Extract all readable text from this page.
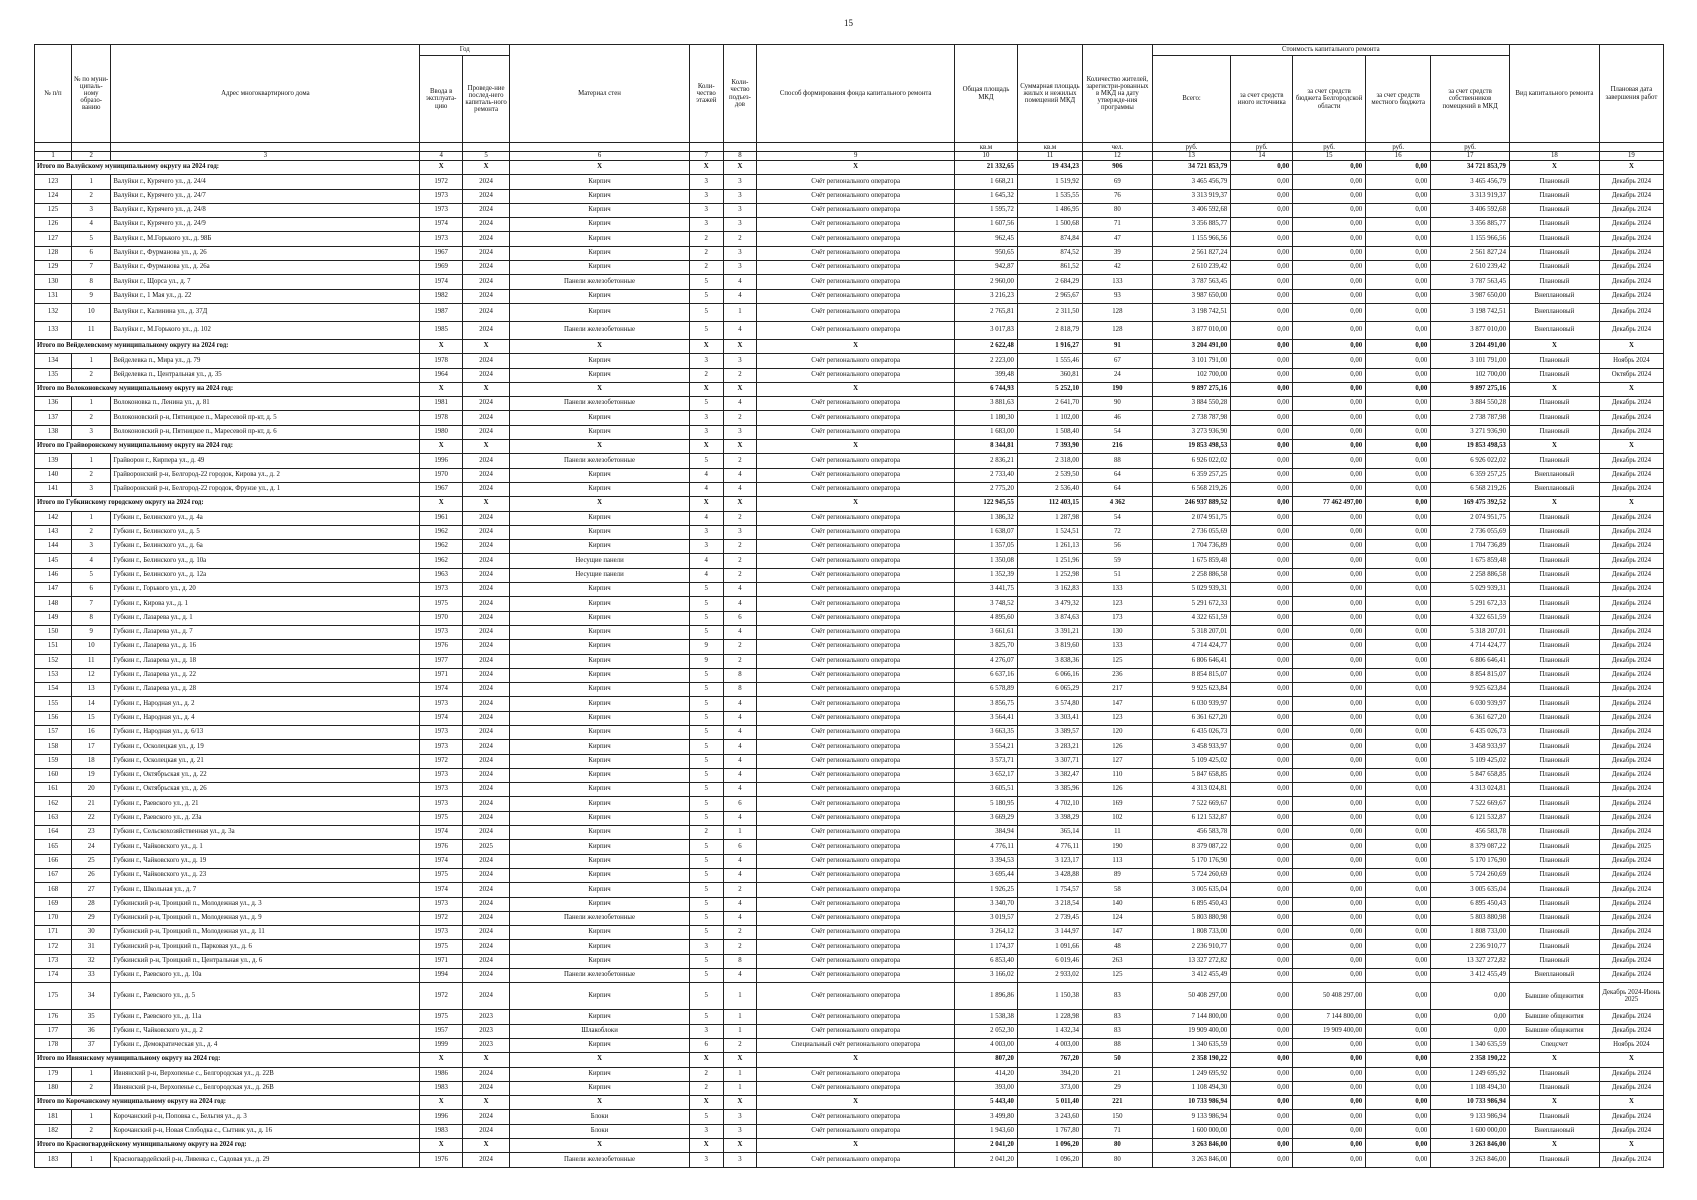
15
№ п/п	№ по муни-ципаль-ному образо-ванию	Адрес многоквартирного дома	Год		Материал стен	Коли-чество этажей	Коли-чество подъез-дов	Способ формирования фонда капитального ремонта	Общая площадь МКД	Суммарная площадь жилых и нежилых помещений МКД	Количество жителей, зарегистри-рованных в МКД на дату утвержде-ния программы	Стоимость капитального ремонта					Вид капитального ремонта	Плановая дата завершения работ
			Ввода в эксплуата-цию	Проведе-ние послед-него капиталь-ного ремонта								Всего:	за счет средств иного источника	за счет средств бюджета Белгородской области	за счет средств местного бюджета	за счет средств собственников помещений в МКД		
									кв.м	кв.м	чел.	руб.	руб.	руб.	руб.	руб.		
1	2	3	4	5	6	7	8	9	10	11	12	13	14	15	16	17	18	19
Итого по Валуйскому муниципальному округу на 2024 год:			X	X	X	X	X	X	21 332,65	19 434,23	906	34 721 853,79	0,00	0,00	0,00	34 721 853,79	X	X
123	1	Валуйки г., Курячего ул., д. 24/4	1972	2024	Кирпич	3	3	Счёт регионального оператора	1 668,21	1 519,92	69	3 465 456,79	0,00	0,00	0,00	3 465 456,79	Плановый	Декабрь 2024
124	2	Валуйки г., Курячего ул., д. 24/7	1973	2024	Кирпич	3	3	Счёт регионального оператора	1 645,32	1 535,55	76	3 313 919,37	0,00	0,00	0,00	3 313 919,37	Плановый	Декабрь 2024
125	3	Валуйки г., Курячего ул., д. 24/8	1973	2024	Кирпич	3	3	Счёт регионального оператора	1 595,72	1 486,95	80	3 406 592,68	0,00	0,00	0,00	3 406 592,68	Плановый	Декабрь 2024
126	4	Валуйки г., Курячего ул., д. 24/9	1974	2024	Кирпич	3	3	Счёт регионального оператора	1 607,56	1 500,68	71	3 356 885,77	0,00	0,00	0,00	3 356 885,77	Плановый	Декабрь 2024
127	5	Валуйки г., М.Горького ул., д. 98Б	1973	2024	Кирпич	2	2	Счёт регионального оператора	962,45	874,84	47	1 155 966,56	0,00	0,00	0,00	1 155 966,56	Плановый	Декабрь 2024
128	6	Валуйки г., Фурманова ул., д. 26	1967	2024	Кирпич	2	3	Счёт регионального оператора	950,65	874,52	39	2 561 827,24	0,00	0,00	0,00	2 561 827,24	Плановый	Декабрь 2024
129	7	Валуйки г., Фурманова ул., д. 26а	1969	2024	Кирпич	2	3	Счёт регионального оператора	942,87	861,52	42	2 610 239,42	0,00	0,00	0,00	2 610 239,42	Плановый	Декабрь 2024
130	8	Валуйки г., Щорса ул., д. 7	1974	2024	Панели железобетонные	5	4	Счёт регионального оператора	2 960,00	2 684,29	133	3 787 563,45	0,00	0,00	0,00	3 787 563,45	Плановый	Декабрь 2024
131	9	Валуйки г., 1 Мая ул., д. 22	1982	2024	Кирпич	5	4	Счёт регионального оператора	3 216,23	2 965,67	93	3 987 650,00	0,00	0,00	0,00	3 987 650,00	Внеплановый	Декабрь 2024
132	10	Валуйки г., Калинина ул., д. 37Д	1987	2024	Кирпич	5	1	Счёт регионального оператора	2 765,81	2 311,50	128	3 198 742,51	0,00	0,00	0,00	3 198 742,51	Внеплановый	Декабрь 2024
133	11	Валуйки г., М.Горького ул., д. 102	1985	2024	Панели железобетонные	5	4	Счёт регионального оператора	3 017,83	2 818,79	128	3 877 010,00	0,00	0,00	0,00	3 877 010,00	Внеплановый	Декабрь 2024
Итого по Вейделевскому муниципальному округу на 2024 год:			X	X	X	X	X	X	2 622,48	1 916,27	91	3 204 491,00	0,00	0,00	0,00	3 204 491,00	X	X
134	1	Вейделевка п., Мира ул., д. 79	1978	2024	Кирпич	3	3	Счёт регионального оператора	2 223,00	1 555,46	67	3 101 791,00	0,00	0,00	0,00	3 101 791,00	Плановый	Ноябрь 2024
135	2	Вейделевка п., Центральная ул., д. 35	1964	2024	Кирпич	2	2	Счёт регионального оператора	399,48	360,81	24	102 700,00	0,00	0,00	0,00	102 700,00	Плановый	Октябрь 2024
Итого по Волоконовскому муниципальному округу на 2024 год:			X	X	X	X	X	X	6 744,93	5 252,10	190	9 897 275,16	0,00	0,00	0,00	9 897 275,16	X	X
136	1	Волоконовка п., Ленина ул., д. 81	1981	2024	Панели железобетонные	5	4	Счёт регионального оператора	3 881,63	2 641,70	90	3 884 550,28	0,00	0,00	0,00	3 884 550,28	Плановый	Декабрь 2024
137	2	Волоконовский р-н, Пятницкое п., Маресевой пр-кт, д. 5	1978	2024	Кирпич	3	2	Счёт регионального оператора	1 180,30	1 102,00	46	2 738 787,98	0,00	0,00	0,00	2 738 787,98	Плановый	Декабрь 2024
138	3	Волоконовский р-н, Пятницкое п., Маресевой пр-кт, д. 6	1980	2024	Кирпич	3	3	Счёт регионального оператора	1 683,00	1 508,40	54	3 273 936,90	0,00	0,00	0,00	3 271 936,90	Плановый	Декабрь 2024
Итого по Грайворонскому муниципальному округу на 2024 год:			X	X	X	X	X	X	8 344,81	7 393,90	216	19 853 498,53	0,00	0,00	0,00	19 853 498,53	X	X
139	1	Грайворон г., Кирпера ул., д. 49	1996	2024	Панели железобетонные	5	2	Счёт регионального оператора	2 836,21	2 318,00	88	6 926 022,02	0,00	0,00	0,00	6 926 022,02	Плановый	Декабрь 2024
140	2	Грайворонский р-н, Белгород-22 городок, Кирова ул., д. 2	1970	2024	Кирпич	4	4	Счёт регионального оператора	2 733,40	2 539,50	64	6 359 257,25	0,00	0,00	0,00	6 359 257,25	Внеплановый	Декабрь 2024
141	3	Грайворонский р-н, Белгород-22 городок, Фрунзе ул., д. 1	1967	2024	Кирпич	4	4	Счёт регионального оператора	2 775,20	2 536,40	64	6 568 219,26	0,00	0,00	0,00	6 568 219,26	Внеплановый	Декабрь 2024
Итого по Губкинскому городскому округу на 2024 год:			X	X	X	X	X	X	122 945,55	112 403,15	4 362	246 937 889,52	0,00	77 462 497,00	0,00	169 475 392,52	X	X
142	1	Губкин г., Белинского ул., д. 4а	1961	2024	Кирпич	4	2	Счёт регионального оператора	1 386,32	1 287,98	54	2 074 951,75	0,00	0,00	0,00	2 074 951,75	Плановый	Декабрь 2024
143	2	Губкин г., Белинского ул., д. 5	1962	2024	Кирпич	3	3	Счёт регионального оператора	1 638,07	1 524,51	72	2 736 055,69	0,00	0,00	0,00	2 736 055,69	Плановый	Декабрь 2024
144	3	Губкин г., Белинского ул., д. 6а	1962	2024	Кирпич	3	2	Счёт регионального оператора	1 357,05	1 261,13	56	1 704 736,89	0,00	0,00	0,00	1 704 736,89	Плановый	Декабрь 2024
145	4	Губкин г., Белинского ул., д. 10а	1962	2024	Несущие панели	4	2	Счёт регионального оператора	1 350,08	1 251,96	59	1 675 859,48	0,00	0,00	0,00	1 675 859,48	Плановый	Декабрь 2024
146	5	Губкин г., Белинского ул., д. 12а	1963	2024	Несущие панели	4	2	Счёт регионального оператора	1 352,39	1 252,98	51	2 258 886,58	0,00	0,00	0,00	2 258 886,58	Плановый	Декабрь 2024
147	6	Губкин г., Горького ул., д. 20	1973	2024	Кирпич	5	4	Счёт регионального оператора	3 441,75	3 162,83	133	5 029 939,31	0,00	0,00	0,00	5 029 939,31	Плановый	Декабрь 2024
148	7	Губкин г., Кирова ул., д. 1	1975	2024	Кирпич	5	4	Счёт регионального оператора	3 748,52	3 479,32	123	5 291 672,33	0,00	0,00	0,00	5 291 672,33	Плановый	Декабрь 2024
149	8	Губкин г., Лазарева ул., д. 1	1970	2024	Кирпич	5	6	Счёт регионального оператора	4 895,60	3 874,63	173	4 322 651,59	0,00	0,00	0,00	4 322 651,59	Плановый	Декабрь 2024
150	9	Губкин г., Лазарева ул., д. 7	1973	2024	Кирпич	5	4	Счёт регионального оператора	3 661,61	3 391,21	130	5 318 207,01	0,00	0,00	0,00	5 318 207,01	Плановый	Декабрь 2024
151	10	Губкин г., Лазарева ул., д. 16	1976	2024	Кирпич	9	2	Счёт регионального оператора	3 825,70	3 819,60	133	4 714 424,77	0,00	0,00	0,00	4 714 424,77	Плановый	Декабрь 2024
152	11	Губкин г., Лазарева ул., д. 18	1977	2024	Кирпич	9	2	Счёт регионального оператора	4 276,07	3 838,36	125	6 806 646,41	0,00	0,00	0,00	6 806 646,41	Плановый	Декабрь 2024
153	12	Губкин г., Лазарева ул., д. 22	1971	2024	Кирпич	5	8	Счёт регионального оператора	6 637,16	6 066,16	236	8 854 815,07	0,00	0,00	0,00	8 854 815,07	Плановый	Декабрь 2024
154	13	Губкин г., Лазарева ул., д. 28	1974	2024	Кирпич	5	8	Счёт регионального оператора	6 578,89	6 065,29	217	9 925 623,84	0,00	0,00	0,00	9 925 623,84	Плановый	Декабрь 2024
155	14	Губкин г., Народная ул., д. 2	1973	2024	Кирпич	5	4	Счёт регионального оператора	3 856,75	3 574,80	147	6 030 939,97	0,00	0,00	0,00	6 030 939,97	Плановый	Декабрь 2024
156	15	Губкин г., Народная ул., д. 4	1974	2024	Кирпич	5	4	Счёт регионального оператора	3 564,41	3 303,41	123	6 361 627,20	0,00	0,00	0,00	6 361 627,20	Плановый	Декабрь 2024
157	16	Губкин г., Народная ул., д. 6/13	1973	2024	Кирпич	5	4	Счёт регионального оператора	3 663,35	3 389,57	120	6 435 026,73	0,00	0,00	0,00	6 435 026,73	Плановый	Декабрь 2024
158	17	Губкин г., Осколецкая ул., д. 19	1973	2024	Кирпич	5	4	Счёт регионального оператора	3 554,21	3 283,21	126	3 458 933,97	0,00	0,00	0,00	3 458 933,97	Плановый	Декабрь 2024
159	18	Губкин г., Осколецкая ул., д. 21	1972	2024	Кирпич	5	4	Счёт регионального оператора	3 573,71	3 307,71	127	5 109 425,02	0,00	0,00	0,00	5 109 425,02	Плановый	Декабрь 2024
160	19	Губкин г., Октябрьская ул., д. 22	1973	2024	Кирпич	5	4	Счёт регионального оператора	3 652,17	3 382,47	110	5 847 658,85	0,00	0,00	0,00	5 847 658,85	Плановый	Декабрь 2024
161	20	Губкин г., Октябрьская ул., д. 26	1973	2024	Кирпич	5	4	Счёт регионального оператора	3 605,51	3 385,96	126	4 313 024,81	0,00	0,00	0,00	4 313 024,81	Плановый	Декабрь 2024
162	21	Губкин г., Раевского ул., д. 21	1973	2024	Кирпич	5	6	Счёт регионального оператора	5 180,95	4 702,10	169	7 522 669,67	0,00	0,00	0,00	7 522 669,67	Плановый	Декабрь 2024
163	22	Губкин г., Раевского ул., д. 23а	1975	2024	Кирпич	5	4	Счёт регионального оператора	3 669,29	3 398,29	102	6 121 532,87	0,00	0,00	0,00	6 121 532,87	Плановый	Декабрь 2024
164	23	Губкин г., Сельскохозяйственная ул., д. 3а	1974	2024	Кирпич	2	1	Счёт регионального оператора	384,94	365,14	11	456 583,78	0,00	0,00	0,00	456 583,78	Плановый	Декабрь 2024
165	24	Губкин г., Чайковского ул., д. 1	1976	2025	Кирпич	5	6	Счёт регионального оператора	4 776,11	4 776,11	190	8 379 087,22	0,00	0,00	0,00	8 379 087,22	Плановый	Декабрь 2025
166	25	Губкин г., Чайковского ул., д. 19	1974	2024	Кирпич	5	4	Счёт регионального оператора	3 394,53	3 123,17	113	5 170 176,90	0,00	0,00	0,00	5 170 176,90	Плановый	Декабрь 2024
167	26	Губкин г., Чайковского ул., д. 23	1975	2024	Кирпич	5	4	Счёт регионального оператора	3 695,44	3 428,88	89	5 724 260,69	0,00	0,00	0,00	5 724 260,69	Плановый	Декабрь 2024
168	27	Губкин г., Школьная ул., д. 7	1974	2024	Кирпич	5	2	Счёт регионального оператора	1 926,25	1 754,57	58	3 005 635,04	0,00	0,00	0,00	3 005 635,04	Плановый	Декабрь 2024
169	28	Губкинский р-н, Троицкий п., Молодежная ул., д. 3	1973	2024	Кирпич	5	4	Счёт регионального оператора	3 340,70	3 218,54	140	6 895 450,43	0,00	0,00	0,00	6 895 450,43	Плановый	Декабрь 2024
170	29	Губкинский р-н, Троицкий п., Молодежная ул., д. 9	1972	2024	Панели железобетонные	5	4	Счёт регионального оператора	3 019,57	2 739,45	124	5 803 880,98	0,00	0,00	0,00	5 803 880,98	Плановый	Декабрь 2024
171	30	Губкинский р-н, Троицкий п., Молодежная ул., д. 11	1973	2024	Кирпич	5	2	Счёт регионального оператора	3 264,12	3 144,97	147	1 808 733,00	0,00	0,00	0,00	1 808 733,00	Плановый	Декабрь 2024
172	31	Губкинский р-н, Троицкий п., Парковая ул., д. 6	1975	2024	Кирпич	3	2	Счёт регионального оператора	1 174,37	1 091,66	48	2 236 910,77	0,00	0,00	0,00	2 236 910,77	Плановый	Декабрь 2024
173	32	Губкинский р-н, Троицкий п., Центральная ул., д. 6	1971	2024	Кирпич	5	8	Счёт регионального оператора	6 853,40	6 019,46	263	13 327 272,82	0,00	0,00	0,00	13 327 272,82	Плановый	Декабрь 2024
174	33	Губкин г., Раевского ул., д. 10а	1994	2024	Панели железобетонные	5	4	Счёт регионального оператора	3 166,02	2 933,02	125	3 412 455,49	0,00	0,00	0,00	3 412 455,49	Внеплановый	Декабрь 2024
175	34	Губкин г., Раевского ул., д. 5	1972	2024	Кирпич	5	1	Счёт регионального оператора	1 896,86	1 150,38	83	50 408 297,00	0,00	50 408 297,00	0,00	0,00	Бывшие общежития	Декабрь 2024-Июнь 2025
176	35	Губкин г., Раевского ул., д. 11а	1975	2023	Кирпич	5	1	Счёт регионального оператора	1 538,38	1 228,98	83	7 144 800,00	0,00	7 144 800,00	0,00	0,00	Бывшие общежития	Декабрь 2024
177	36	Губкин г., Чайковского ул., д. 2	1957	2023	Шлакоблоки	3	1	Счёт регионального оператора	2 052,30	1 432,34	83	19 909 400,00	0,00	19 909 400,00	0,00	0,00	Бывшие общежития	Декабрь 2024
178	37	Губкин г., Демократическая ул., д. 4	1999	2023	Кирпич	6	2	Специальный счёт регионального оператора	4 003,00	4 003,00	88	1 340 635,59	0,00	0,00	0,00	1 340 635,59	Спецсчет	Ноябрь 2024
Итого по Ивнянскому муниципальному округу на 2024 год:			X	X	X	X	X	X	807,20	767,20	50	2 358 190,22	0,00	0,00	0,00	2 358 190,22	X	X
179	1	Ивнянский р-н, Верхопенье с., Белгородская ул., д. 22В	1986	2024	Кирпич	2	1	Счёт регионального оператора	414,20	394,20	21	1 249 695,92	0,00	0,00	0,00	1 249 695,92	Плановый	Декабрь 2024
180	2	Ивнянский р-н, Верхопенье с., Белгородская ул., д. 26В	1983	2024	Кирпич	2	1	Счёт регионального оператора	393,00	373,00	29	1 108 494,30	0,00	0,00	0,00	1 108 494,30	Плановый	Декабрь 2024
Итого по Корочанскому муниципальному округу на 2024 год:			X	X	X	X	X	X	5 443,40	5 011,40	221	10 733 986,94	0,00	0,00	0,00	10 733 986,94	X	X
181	1	Корочанский р-н, Поповка с., Бельгия ул., д. 3	1996	2024	Блоки	5	3	Счёт регионального оператора	3 499,80	3 243,60	150	9 133 986,94	0,00	0,00	0,00	9 133 986,94	Плановый	Декабрь 2024
182	2	Корочанский р-н, Новая Слободка с., Сытник ул., д. 16	1983	2024	Блоки	3	3	Счёт регионального оператора	1 943,60	1 767,80	71	1 600 000,00	0,00	0,00	0,00	1 600 000,00	Внеплановый	Декабрь 2024
Итого по Красногвардейскому муниципальному округу на 2024 год:			X	X	X	X	X	X	2 041,20	1 096,20	80	3 263 846,00	0,00	0,00	0,00	3 263 846,00	X	X
183	1	Красногвардейский р-н, Ливенка с., Садовая ул., д. 29	1976	2024	Панели железобетонные	3	3	Счёт регионального оператора	2 041,20	1 096,20	80	3 263 846,00	0,00	0,00	0,00	3 263 846,00	Плановый	Декабрь 2024
